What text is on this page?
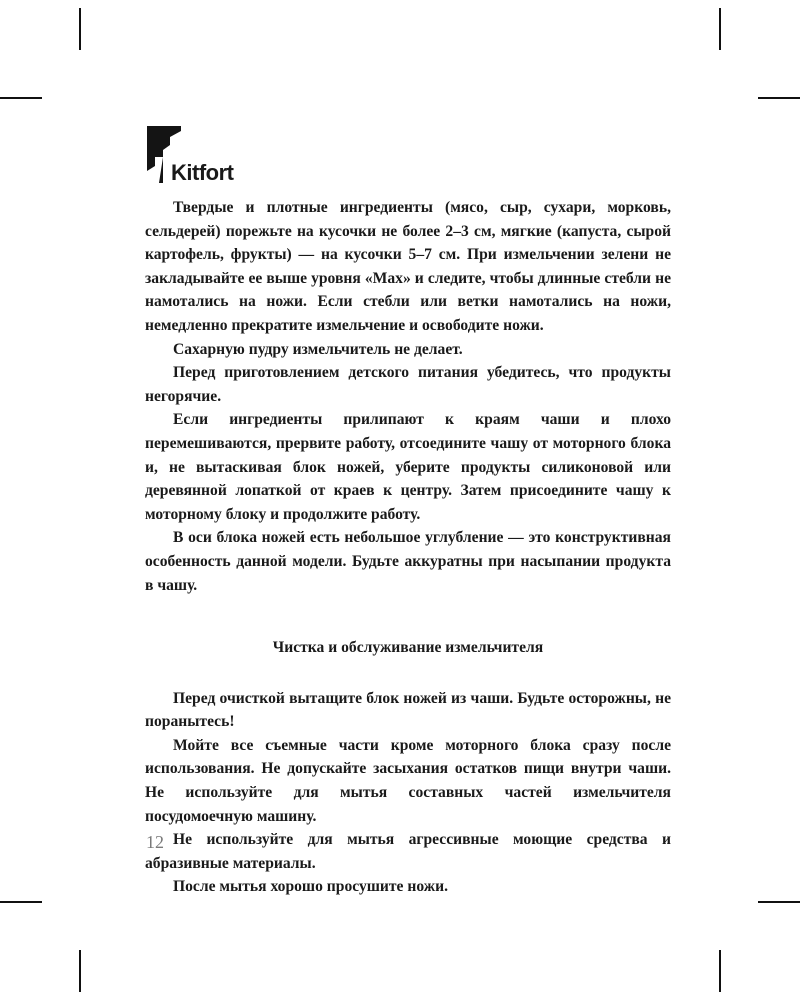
Kitfort

Твердые и плотные ингредиенты (мясо, сыр, сухари, морковь, сельдерей) порежьте на кусочки не более 2–3 см, мягкие (капуста, сырой картофель, фрукты) — на кусочки 5–7 см. При измельчении зелени не закладывайте ее выше уровня «Max» и следите, чтобы длинные стебли не намотались на ножи. Если стебли или ветки намотались на ножи, немедленно прекратите измельчение и освободите ножи.

Сахарную пудру измельчитель не делает.

Перед приготовлением детского питания убедитесь, что продукты негорячие.

Если ингредиенты прилипают к краям чаши и плохо перемешиваются, прервите работу, отсоедините чашу от моторного блока и, не вытаскивая блок ножей, уберите продукты силиконовой или деревянной лопаткой от краев к центру. Затем присоедините чашу к моторному блоку и продолжите работу.

В оси блока ножей есть небольшое углубление — это конструктивная особенность данной модели. Будьте аккуратны при насыпании продукта в чашу.

Чистка и обслуживание измельчителя

Перед очисткой вытащите блок ножей из чаши. Будьте осторожны, не поранытесь!

Мойте все съемные части кроме моторного блока сразу после использования. Не допускайте засыхания остатков пищи внутри чаши. Не используйте для мытья составных частей измельчителя посудомоечную машину.

Не используйте для мытья агрессивные моющие средства и абразивные материалы.

После мытья хорошо просушите ножи.

12
